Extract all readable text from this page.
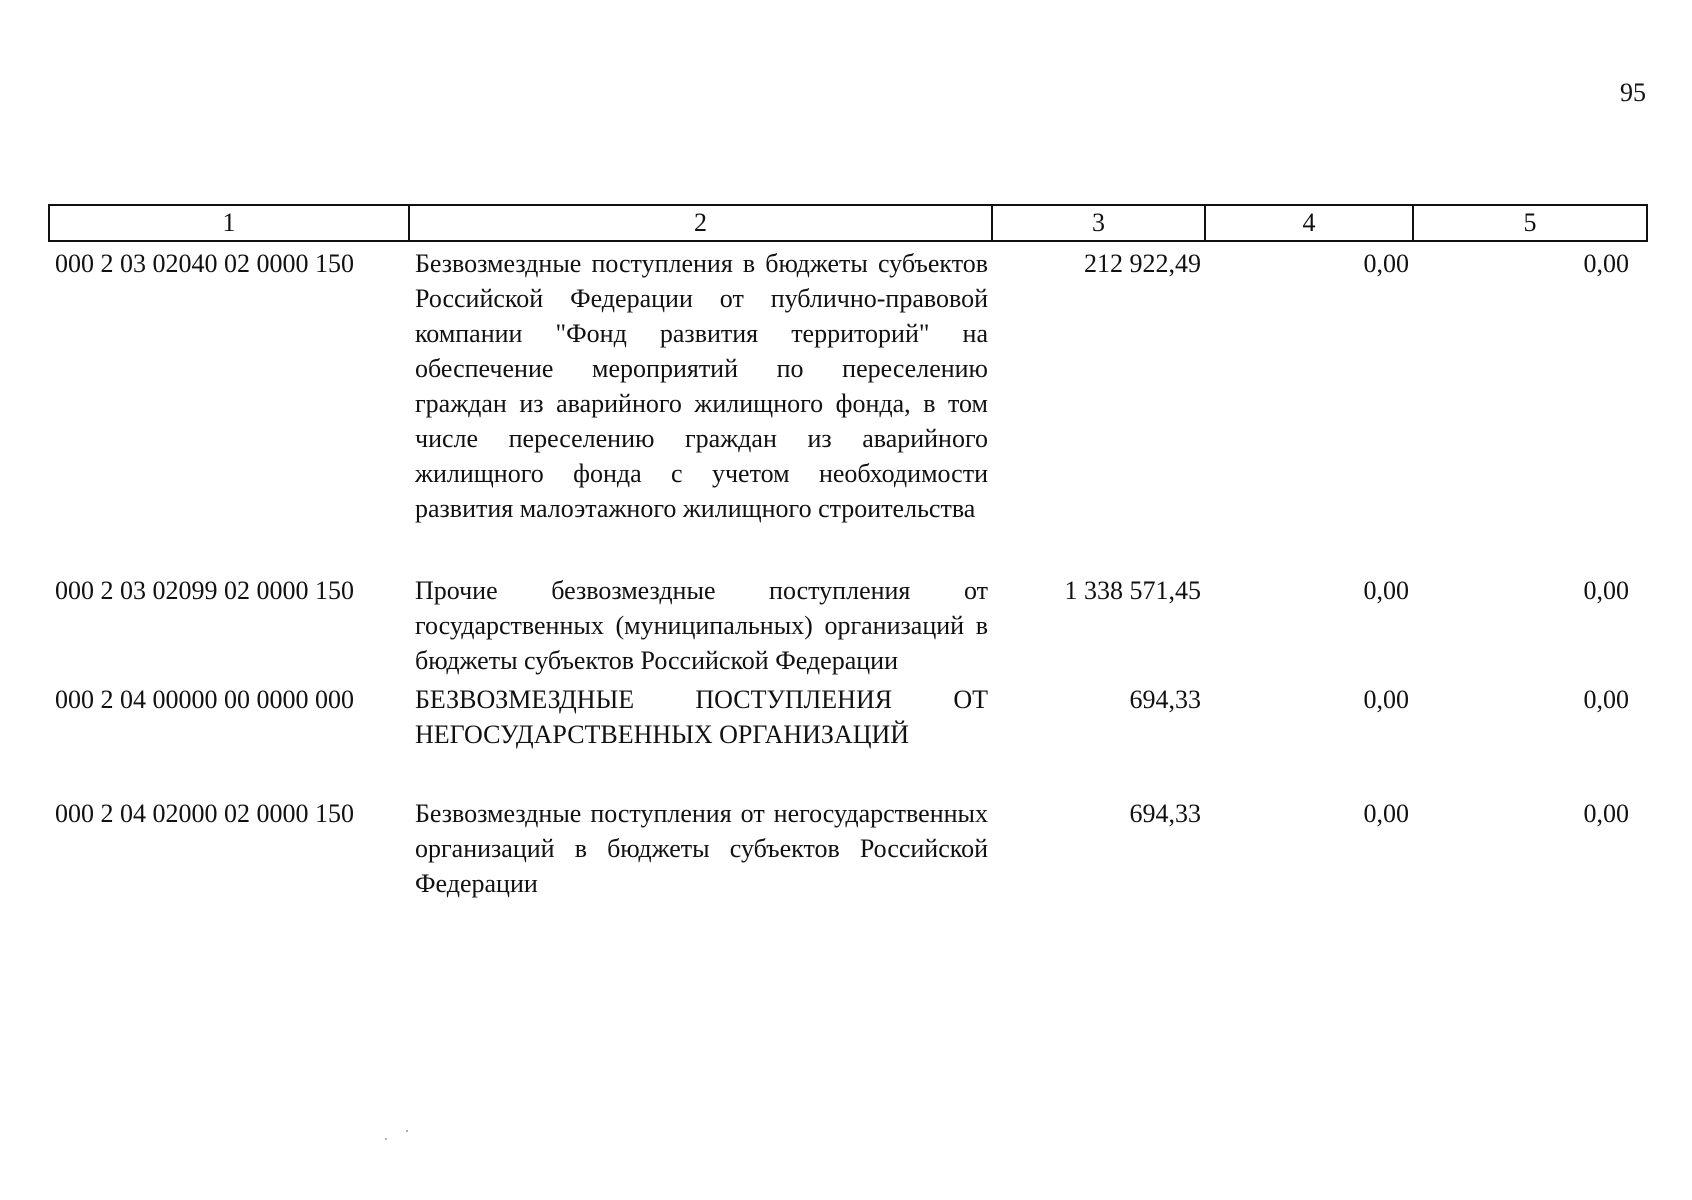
95
1	2	3	4	5
000 2 03 02040 02 0000 150	Безвозмездные поступления в бюджеты субъектов Российской Федерации от публично-правовой компании "Фонд развития территорий" на обеспечение мероприятий по переселению граждан из аварийного жилищного фонда, в том числе переселению граждан из аварийного жилищного фонда с учетом необходимости развития малоэтажного жилищного строительства	212 922,49	0,00	0,00
000 2 03 02099 02 0000 150	Прочие безвозмездные поступления от государственных (муниципальных) организаций в бюджеты субъектов Российской Федерации	1 338 571,45	0,00	0,00
000 2 04 00000 00 0000 000	БЕЗВОЗМЕЗДНЫЕ ПОСТУПЛЕНИЯ ОТ НЕГОСУДАРСТВЕННЫХ ОРГАНИЗАЦИЙ	694,33	0,00	0,00
000 2 04 02000 02 0000 150	Безвозмездные поступления от негосударственных организаций в бюджеты субъектов Российской Федерации	694,33	0,00	0,00
